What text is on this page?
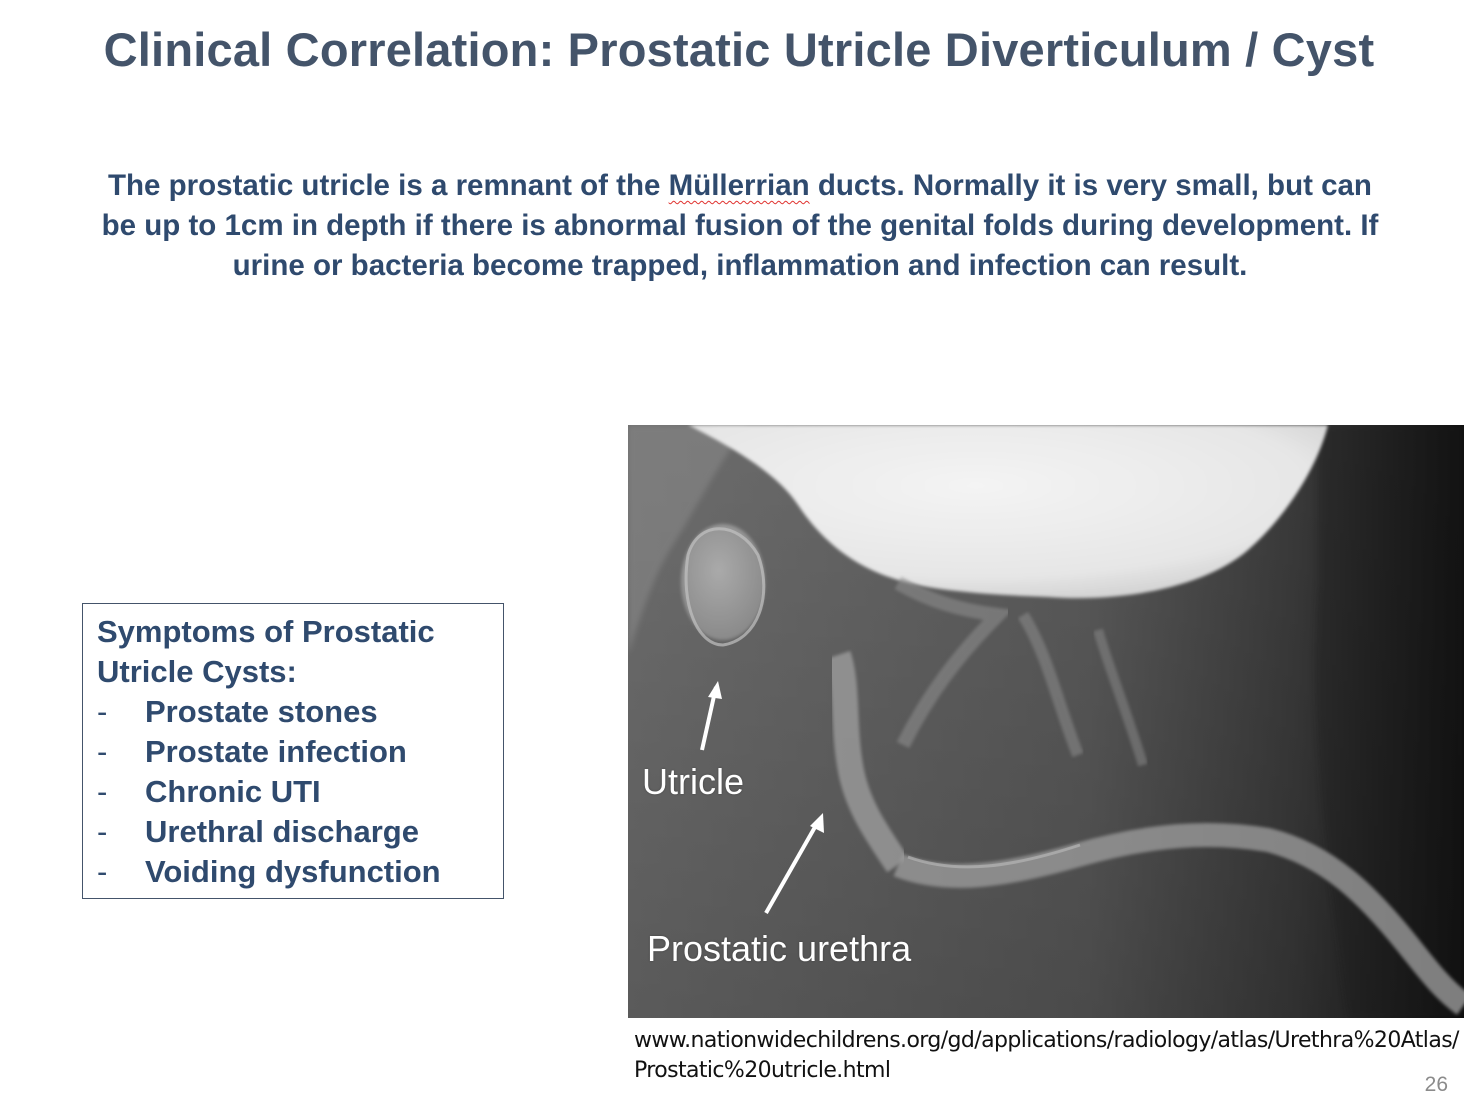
Clinical Correlation: Prostatic Utricle Diverticulum / Cyst
The prostatic utricle is a remnant of the Müllerrian ducts. Normally it is very small, but can be up to 1cm in depth if there is abnormal fusion of the genital folds during development. If urine or bacteria become trapped, inflammation and infection can result.
Symptoms of Prostatic Utricle Cysts:
-	Prostate stones
-	Prostate infection
-	Chronic UTI
-	Urethral discharge
-	Voiding dysfunction
Utricle
Prostatic urethra
www.nationwidechildrens.org/gd/applications/radiology/atlas/Urethra%20Atlas/Prostatic%20utricle.html
26
